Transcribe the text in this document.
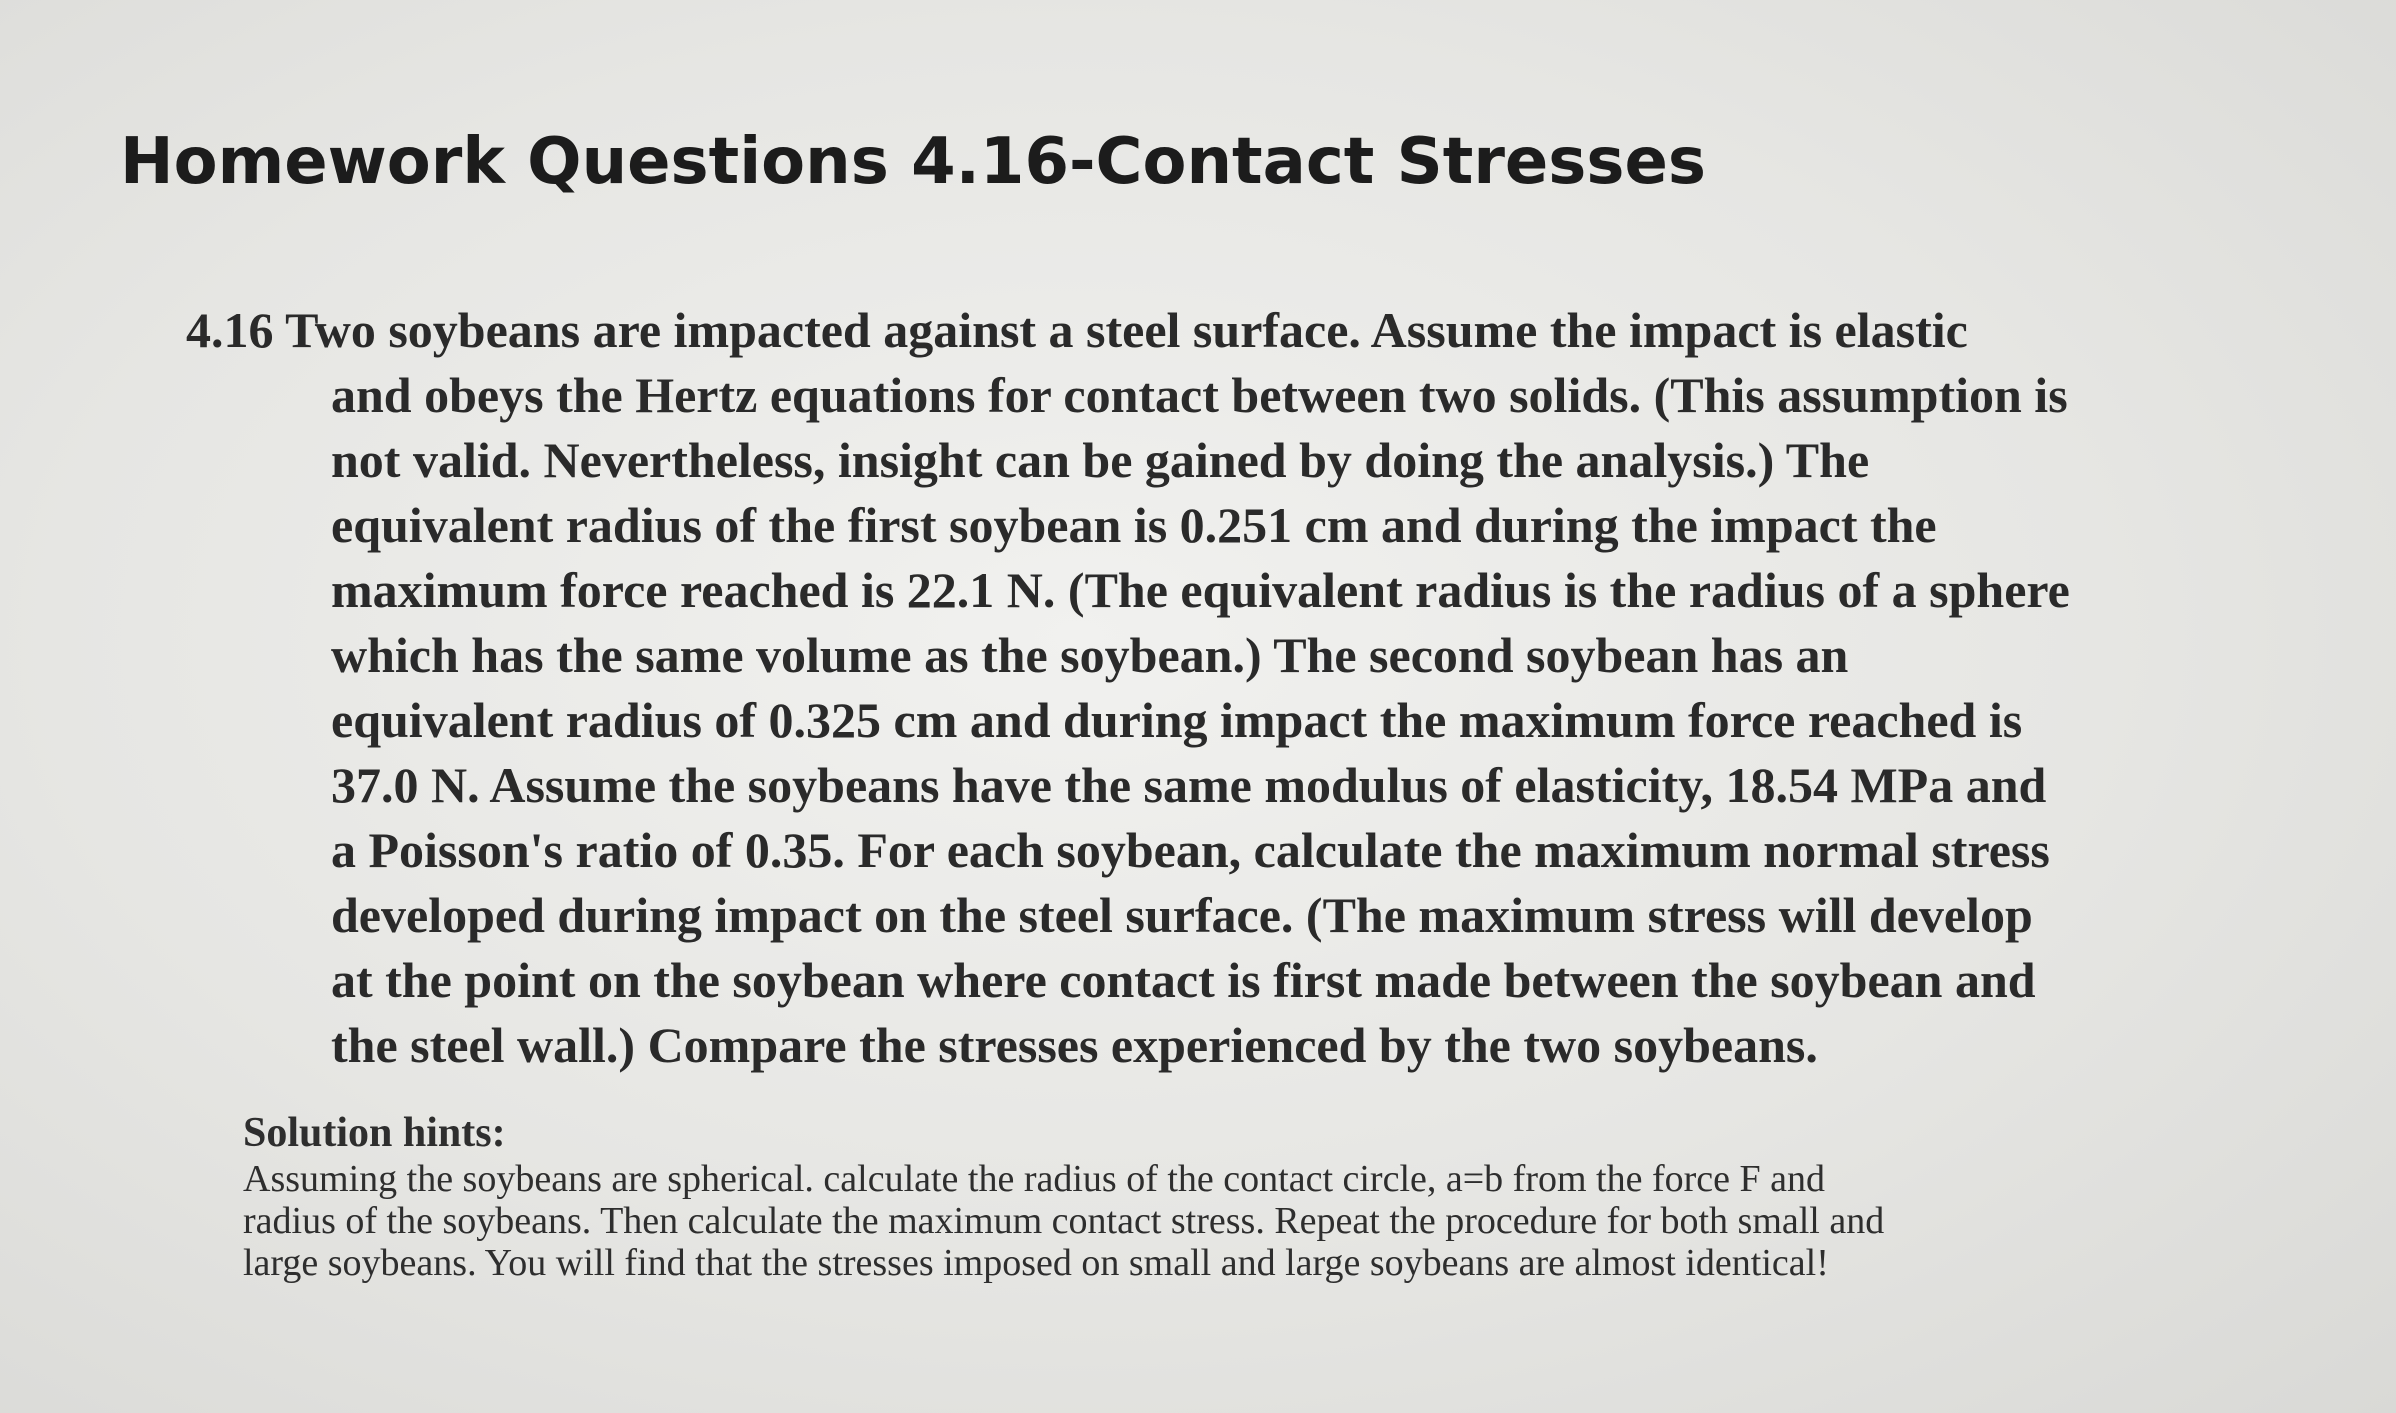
Homework Questions 4.16-Contact Stresses
4.16 Two soybeans are impacted against a steel surface. Assume the impact is elastic
and obeys the Hertz equations for contact between two solids. (This assumption is
not valid. Nevertheless, insight can be gained by doing the analysis.) The
equivalent radius of the first soybean is 0.251 cm and during the impact the
maximum force reached is 22.1 N. (The equivalent radius is the radius of a sphere
which has the same volume as the soybean.) The second soybean has an
equivalent radius of 0.325 cm and during impact the maximum force reached is
37.0 N. Assume the soybeans have the same modulus of elasticity, 18.54 MPa and
a Poisson's ratio of 0.35. For each soybean, calculate the maximum normal stress
developed during impact on the steel surface. (The maximum stress will develop
at the point on the soybean where contact is first made between the soybean and
the steel wall.) Compare the stresses experienced by the two soybeans.
Solution hints:
Assuming the soybeans are spherical. calculate the radius of the contact circle, a=b from the force F and
radius of the soybeans. Then calculate the maximum contact stress. Repeat the procedure for both small and
large soybeans. You will find that the stresses imposed on small and large soybeans are almost identical!
